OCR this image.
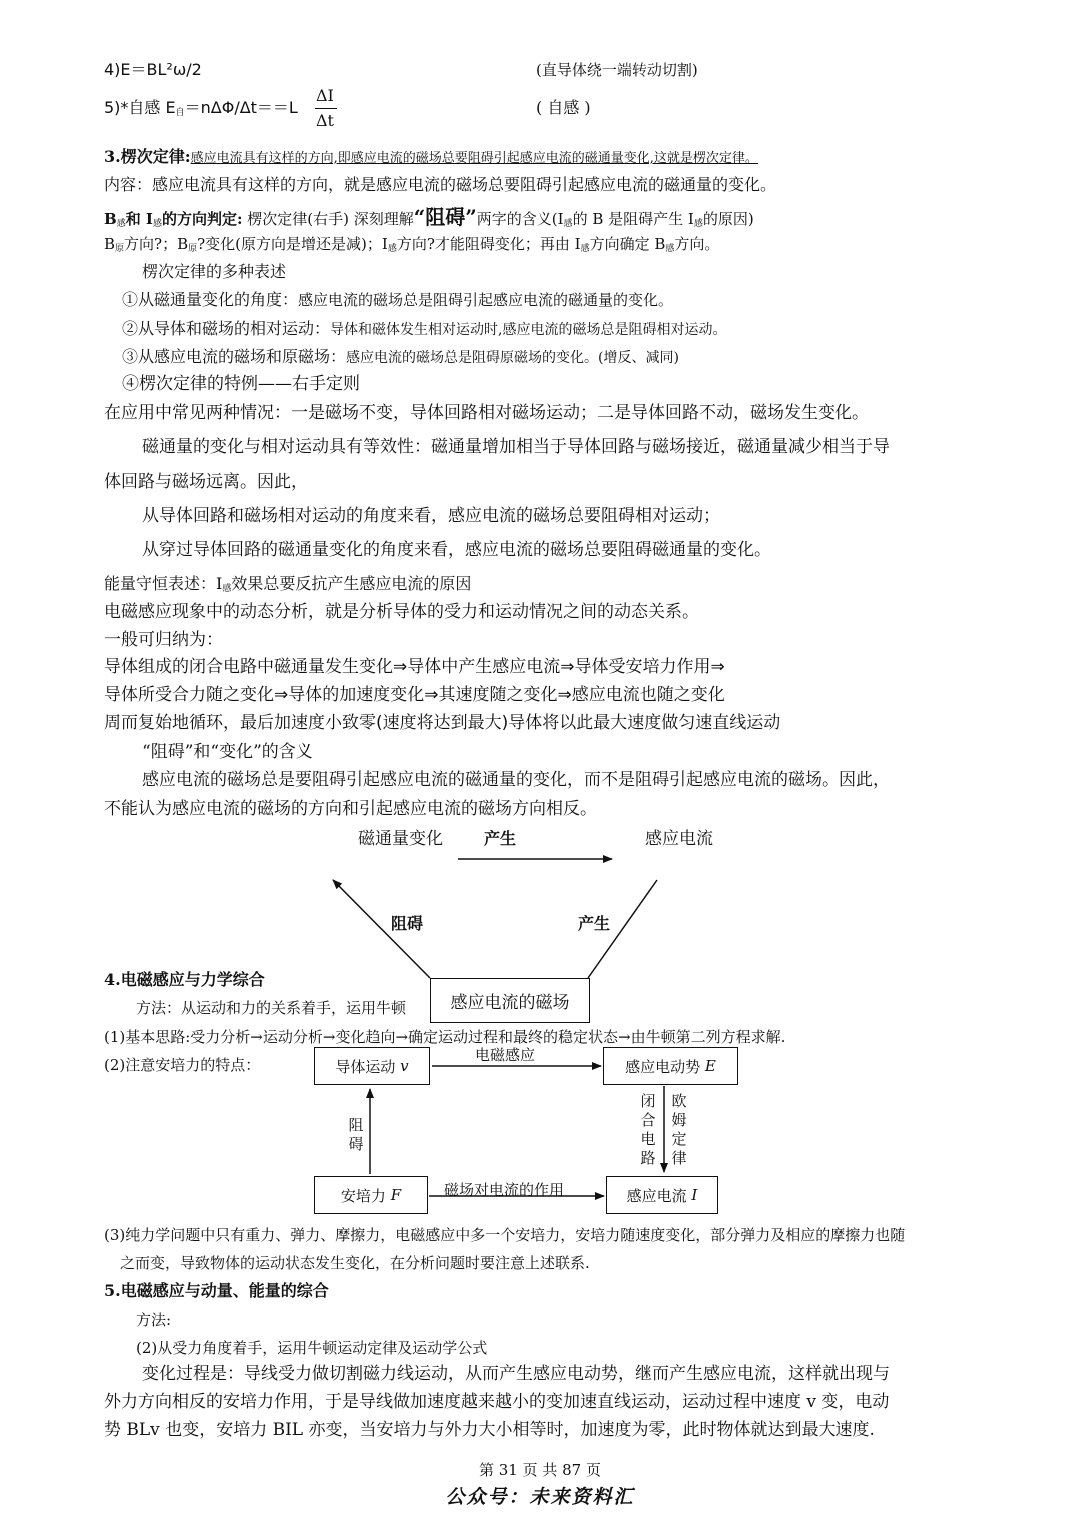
4)E＝BL²ω/2	(直导体绕一端转动切割)
5)*自感 $E_自=n\Delta\Phi/\Delta t==L$
ΔI
Δt
( 自感 )
3.楞次定律:感应电流具有这样的方向,即感应电流的磁场总要阻碍引起感应电流的磁通量变化,这就是楞次定律。
内容：感应电流具有这样的方向，就是感应电流的磁场总要阻碍引起感应电流的磁通量的变化。
$B_感$和 $I_感$的方向判定: 楞次定律(右手) 深刻理解“阻碍”两字的含义($I_感$的 B 是阻碍产生 $I_感$的原因)
$B_原$方向?；$B_原$?变化(原方向是增还是减)；$I_感$方向?才能阻碍变化；再由 $I_感$方向确定 $B_感$方向。
楞次定律的多种表述
①从磁通量变化的角度：感应电流的磁场总是阻碍引起感应电流的磁通量的变化。
②从导体和磁场的相对运动：导体和磁体发生相对运动时,感应电流的磁场总是阻碍相对运动。
③从感应电流的磁场和原磁场：感应电流的磁场总是阻碍原磁场的变化。(增反、减同)
④楞次定律的特例——右手定则
在应用中常见两种情况：一是磁场不变，导体回路相对磁场运动；二是导体回路不动，磁场发生变化。
磁通量的变化与相对运动具有等效性：磁通量增加相当于导体回路与磁场接近，磁通量减少相当于导
体回路与磁场远离。因此，
从导体回路和磁场相对运动的角度来看，感应电流的磁场总要阻碍相对运动；
从穿过导体回路的磁通量变化的角度来看，感应电流的磁场总要阻碍磁通量的变化。
能量守恒表述：$I_感$效果总要反抗产生感应电流的原因
电磁感应现象中的动态分析，就是分析导体的受力和运动情况之间的动态关系。
一般可归纳为：
导体组成的闭合电路中磁通量发生变化⇒导体中产生感应电流⇒导体受安培力作用⇒
导体所受合力随之变化⇒导体的加速度变化⇒其速度随之变化⇒感应电流也随之变化
周而复始地循环，最后加速度小致零(速度将达到最大)导体将以此最大速度做匀速直线运动
“阻碍”和“变化”的含义
感应电流的磁场总是要阻碍引起感应电流的磁通量的变化，而不是阻碍引起感应电流的磁场。因此，
不能认为感应电流的磁场的方向和引起感应电流的磁场方向相反。
磁通量变化	产生	感应电流
阻碍	产生
感应电流的磁场
4.电磁感应与力学综合
方法：从运动和力的关系着手，运用牛顿
(1)基本思路:受力分析→运动分析→变化趋向→确定运动过程和最终的稳定状态→由牛顿第二列方程求解.
(2)注意安培力的特点：	导体运动
v	感应电动势
E
安培力
F	感应电流
I
电磁感应
磁场对电流的作用
阻碍
闭合电路
欧姆定律
(3)纯力学问题中只有重力、弹力、摩擦力，电磁感应中多一个安培力，安培力随速度变化，部分弹力及相应的摩擦力也随
之而变，导致物体的运动状态发生变化，在分析问题时要注意上述联系.
5.电磁感应与动量、能量的综合
方法:
(2)从受力角度着手，运用牛顿运动定律及运动学公式
变化过程是：导线受力做切割磁力线运动，从而产生感应电动势，继而产生感应电流，这样就出现与
外力方向相反的安培力作用，于是导线做加速度越来越小的变加速直线运动，运动过程中速度 v 变，电动
势 BLv 也变，安培力 BIL 亦变，当安培力与外力大小相等时，加速度为零，此时物体就达到最大速度.
第 31 页 共 87 页
公众号：未来资料汇
